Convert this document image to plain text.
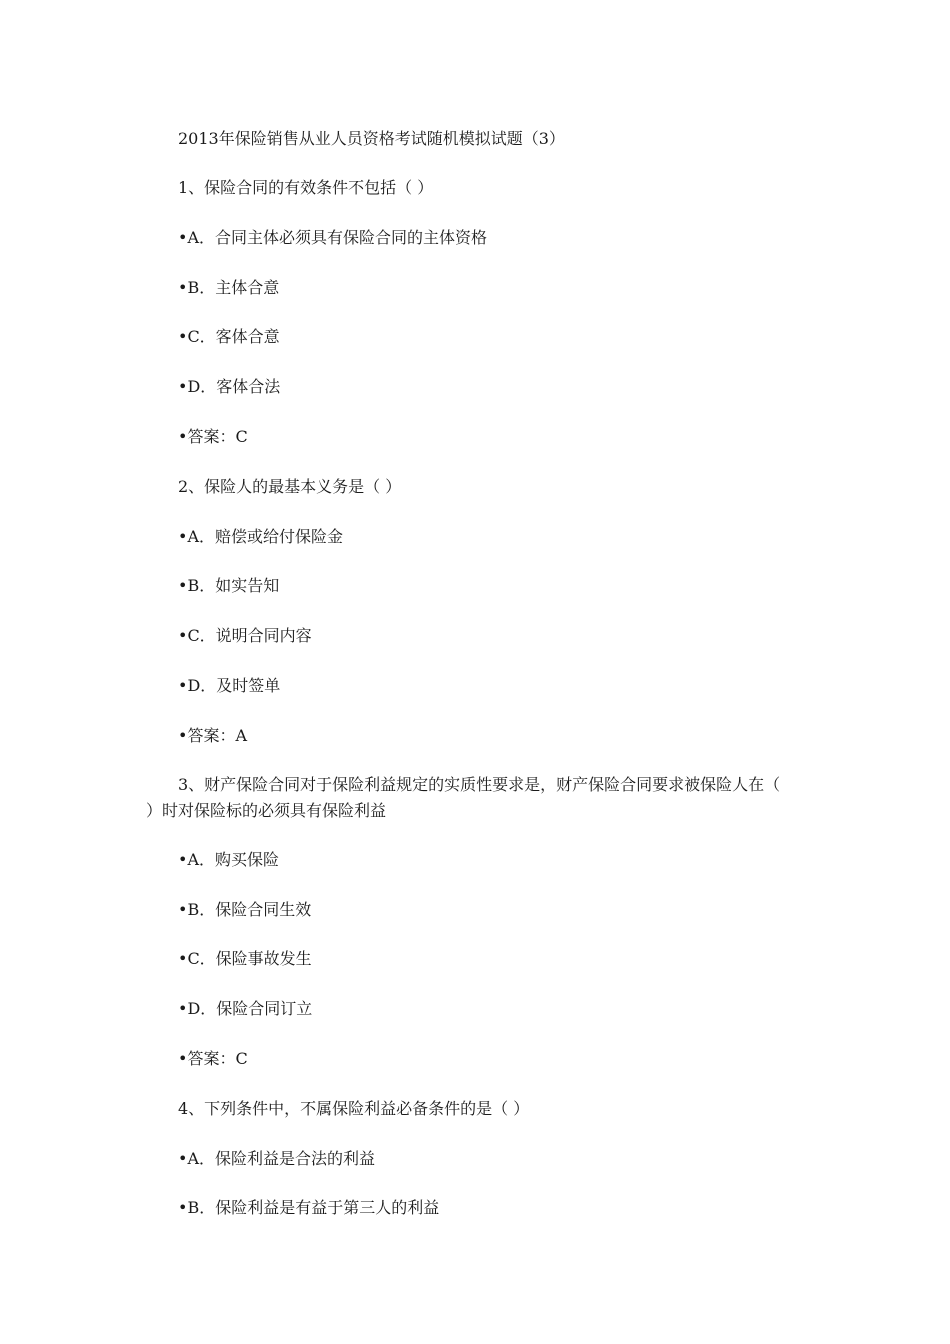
2013年保险销售从业人员资格考试随机模拟试题（3）
1、保险合同的有效条件不包括（ ）
•A．合同主体必须具有保险合同的主体资格
•B．主体合意
•C．客体合意
•D．客体合法
•答案：C
2、保险人的最基本义务是（ ）
•A．赔偿或给付保险金
•B．如实告知
•C．说明合同内容
•D．及时签单
•答案：A
3、财产保险合同对于保险利益规定的实质性要求是，财产保险合同要求被保险人在（
）时对保险标的必须具有保险利益
•A．购买保险
•B．保险合同生效
•C．保险事故发生
•D．保险合同订立
•答案：C
4、下列条件中，不属保险利益必备条件的是（ ）
•A．保险利益是合法的利益
•B．保险利益是有益于第三人的利益
